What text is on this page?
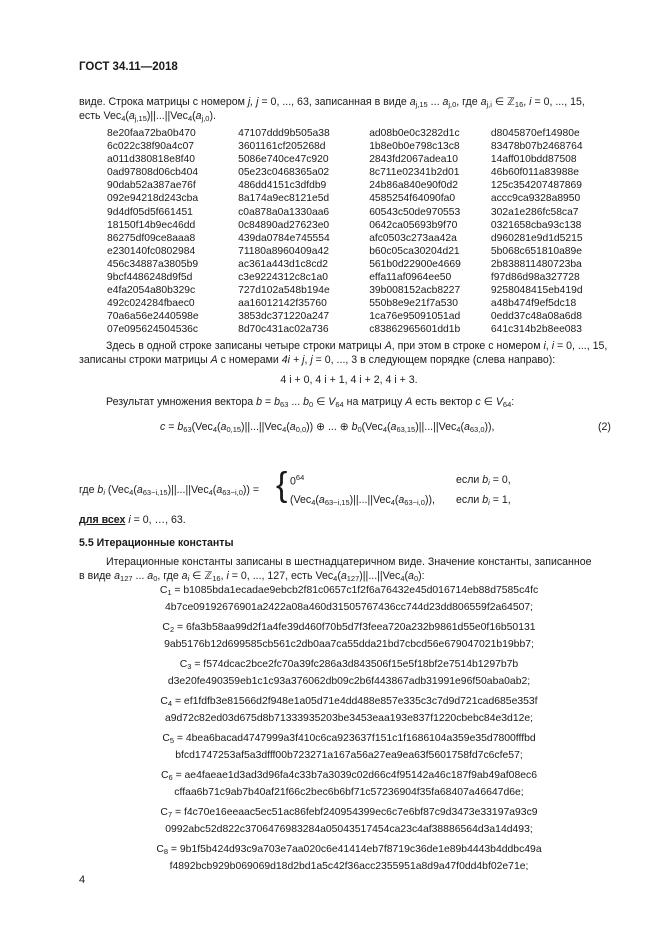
ГОСТ 34.11—2018
виде. Строка матрицы с номером j, j = 0, ..., 63, записанная в виде $a_{j,15}$ ... $a_{j,0}$, где $a_{j,i}$ ∈ ℤ$_{16}$, i = 0, ..., 15,
есть $Vec_4(a_{j,15})||...||Vec_4(a_{j,0})$.
8e20faa72ba0b470	47107ddd9b505a38	ad08b0e0c3282d1c	d8045870ef14980e
6c022c38f90a4c07	3601161cf205268d	1b8e0b0e798c13c8	83478b07b2468764
a011d380818e8f40	5086e740ce47c920	2843fd2067adea10	14aff010bdd87508
0ad97808d06cb404	05e23c0468365a02	8c711e02341b2d01	46b60f011a83988e
90dab52a387ae76f	486dd4151c3dfdb9	24b86a840e90f0d2	125c354207487869
092e94218d243cba	8a174a9ec8121e5d	4585254f64090fa0	accc9ca9328a8950
9d4df05d5f661451	c0a878a0a1330aa6	60543c50de970553	302a1e286fc58ca7
18150f14b9ec46dd	0c84890ad27623e0	0642ca05693b9f70	0321658cba93c138
86275df09ce8aaa8	439da0784e745554	afc0503c273aa42a	d960281e9d1d5215
e230140fc0802984	71180a8960409a42	b60c05ca30204d21	5b068c651810a89e
456c34887a3805b9	ac361a443d1c8cd2	561b0d22900e4669	2b838811480723ba
9bcf4486248d9f5d	c3e9224312c8c1a0	effa11af0964ee50	f97d86d98a327728
e4fa2054a80b329c	727d102a548b194e	39b008152acb8227	9258048415eb419d
492c024284fbaec0	aa16012142f35760	550b8e9e21f7a530	a48b474f9ef5dc18
70a6a56e2440598e	3853dc371220a247	1ca76e95091051ad	0edd37c48a08a6d8
07e095624504536c	8d70c431ac02a736	c83862965601dd1b	641c314b2b8ee083
Здесь в одной строке записаны четыре строки матрицы A, при этом в строке с номером i, i = 0, ..., 15,
записаны строки матрицы A с номерами 4i + j, j = 0, ..., 3 в следующем порядке (слева направо):
4 i + 0, 4 i + 1, 4 i + 2, 4 i + 3.
Результат умножения вектора $b = b_{63}$ ... $b_0$ ∈ $V_{64}$ на матрицу A есть вектор c ∈ $V_{64}$:
$c = b_{63}(Vec_4(a_{0,15})||...||Vec_4(a_{0,0}))$ ⊕ ... ⊕ $b_0(Vec_4(a_{63,15})||...||Vec_4(a_{63,0}))$,	(2)
где $b_i$ $(Vec_4(a_{63-i,15})||...||Vec_4(a_{63-i,0}))$ = { $0^{64}$	если $b_i = 0$,
$(Vec_4(a_{63-i,15})||...||Vec_4(a_{63-i,0}))$, если $b_i = 1$,
для всех i = 0, …, 63.
5.5 Итерационные константы
Итерационные константы записаны в шестнадцатеричном виде. Значение константы, записанное
в виде $a_{127}$ ... $a_0$, где $a_i$ ∈ ℤ$_{16}$, i = 0, ..., 127, есть $Vec_4(a_{127})||...||Vec_4(a_0)$:
$C_1$ = b1085bda1ecadae9ebcb2f81c0657c1f2f6a76432e45d016714eb88d7585c4fc
4b7ce09192676901a2422a08a460d31505767436cc744d23dd806559f2a64507;
$C_2$ = 6fa3b58aa99d2f1a4fe39d460f70b5d7f3feea720a232b9861d55e0f16b50131
9ab5176b12d699585cb561c2db0aa7ca55dda21bd7cbcd56e679047021b19bb7;
$C_3$ = f574dcac2bce2fc70a39fc286a3d843506f15e5f18bf2e7514b1297b7b
d3e20fe490359eb1c1c93a376062db09c2b6f443867adb31991e96f50aba0ab2;
$C_4$ = ef1fdfb3e81566d2f948e1a05d71e4dd488e857e335c3c7d9d721cad685e353f
a9d72c82ed03d675d8b71333935203be3453eaa193e837f1220cbebc84e3d12e;
$C_5$ = 4bea6bacad4747999a3f410c6ca923637f151c1f1686104a359e35d7800fffbd
bfcd1747253af5a3dfff00b723271a167a56a27ea9ea63f5601758fd7c6cfe57;
$C_6$ = ae4faeae1d3ad3d96fa4c33b7a3039c02d66c4f95142a46c187f9ab49af08ec6
cffaa6b71c9ab7b40af21f66c2bec6b6bf71c57236904f35fa68407a46647d6e;
$C_7$ = f4c70e16eeaac5ec51ac86febf240954399ec6c7e6bf87c9d3473e33197a93c9
0992abc52d822c3706476983284a05043517454ca23c4af38886564d3a14d493;
$C_8$ = 9b1f5b424d93c9a703e7aa020c6e41414eb7f8719c36de1e89b4443b4ddbc49a
f4892bcb929b069069d18d2bd1a5c42f36acc2355951a8d9a47f0dd4bf02e71e;
4
